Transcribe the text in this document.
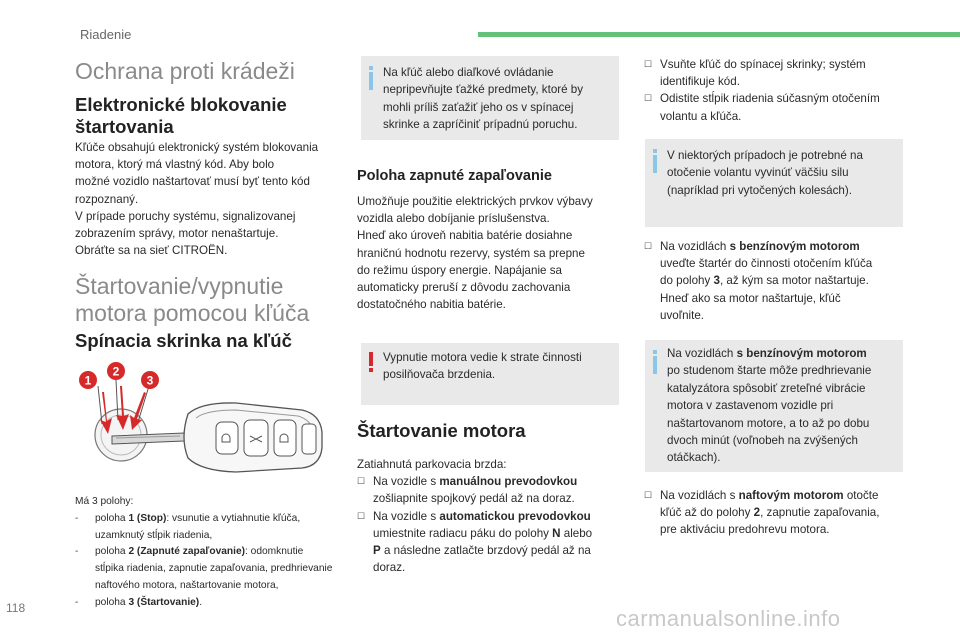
Riadenie
Ochrana proti krádeži
Elektronické blokovanie
štartovania
Kľúče obsahujú elektronický systém blokovania
motora, ktorý má vlastný kód. Aby bolo
možné vozidlo naštartovať musí byť tento kód
rozpoznaný.
V prípade poruchy systému, signalizovanej
zobrazením správy, motor nenaštartuje.
Obráťte sa na sieť CITROËN.
Štartovanie/vypnutie
motora pomocou kľúča
Spínacia skrinka na kľúč
1
2
3
Má 3 polohy:
- poloha 1 (Stop): vsunutie a vytiahnutie kľúča,
uzamknutý stĺpik riadenia,
- poloha 2 (Zapnuté zapaľovanie): odomknutie
stĺpika riadenia, zapnutie zapaľovania, predhrievanie
naftového motora, naštartovanie motora,
- poloha 3 (Štartovanie).
Na kľúč alebo diaľkové ovládanie
nepripevňujte ťažké predmety, ktoré by
mohli príliš zaťažiť jeho os v spínacej
skrinke a zapríčiniť prípadnú poruchu.
Poloha zapnuté zapaľovanie
Umožňuje použitie elektrických prvkov výbavy
vozidla alebo dobíjanie príslušenstva.
Hneď ako úroveň nabitia batérie dosiahne
hraničnú hodnotu rezervy, systém sa prepne
do režimu úspory energie. Napájanie sa
automaticky preruší z dôvodu zachovania
dostatočného nabitia batérie.
Vypnutie motora vedie k strate činnosti
posilňovača brzdenia.
Štartovanie motora
Zatiahnutá parkovacia brzda:
☐ Na vozidle s manuálnou prevodovkou
zošliapnite spojkový pedál až na doraz.
☐ Na vozidle s automatickou prevodovkou
umiestnite radiacu páku do polohy N alebo
P a následne zatlačte brzdový pedál až na
doraz.
☐ Vsuňte kľúč do spínacej skrinky; systém
identifikuje kód.
☐ Odistite stĺpik riadenia súčasným otočením
volantu a kľúča.
V niektorých prípadoch je potrebné na
otočenie volantu vyvinúť väčšiu silu
(napríklad pri vytočených kolesách).
☐ Na vozidlách s benzínovým motorom
uveďte štartér do činnosti otočením kľúča
do polohy 3, až kým sa motor naštartuje.
Hneď ako sa motor naštartuje, kľúč
uvoľnite.
Na vozidlách s benzínovým motorom
po studenom štarte môže predhrievanie
katalyzátora spôsobiť zreteľné vibrácie
motora v zastavenom vozidle pri
naštartovanom motore, a to až po dobu
dvoch minút (voľnobeh na zvýšených
otáčkach).
☐ Na vozidlách s naftovým motorom otočte
kľúč až do polohy 2, zapnutie zapaľovania,
pre aktiváciu predohrevu motora.
118	carmanualsonline.info
